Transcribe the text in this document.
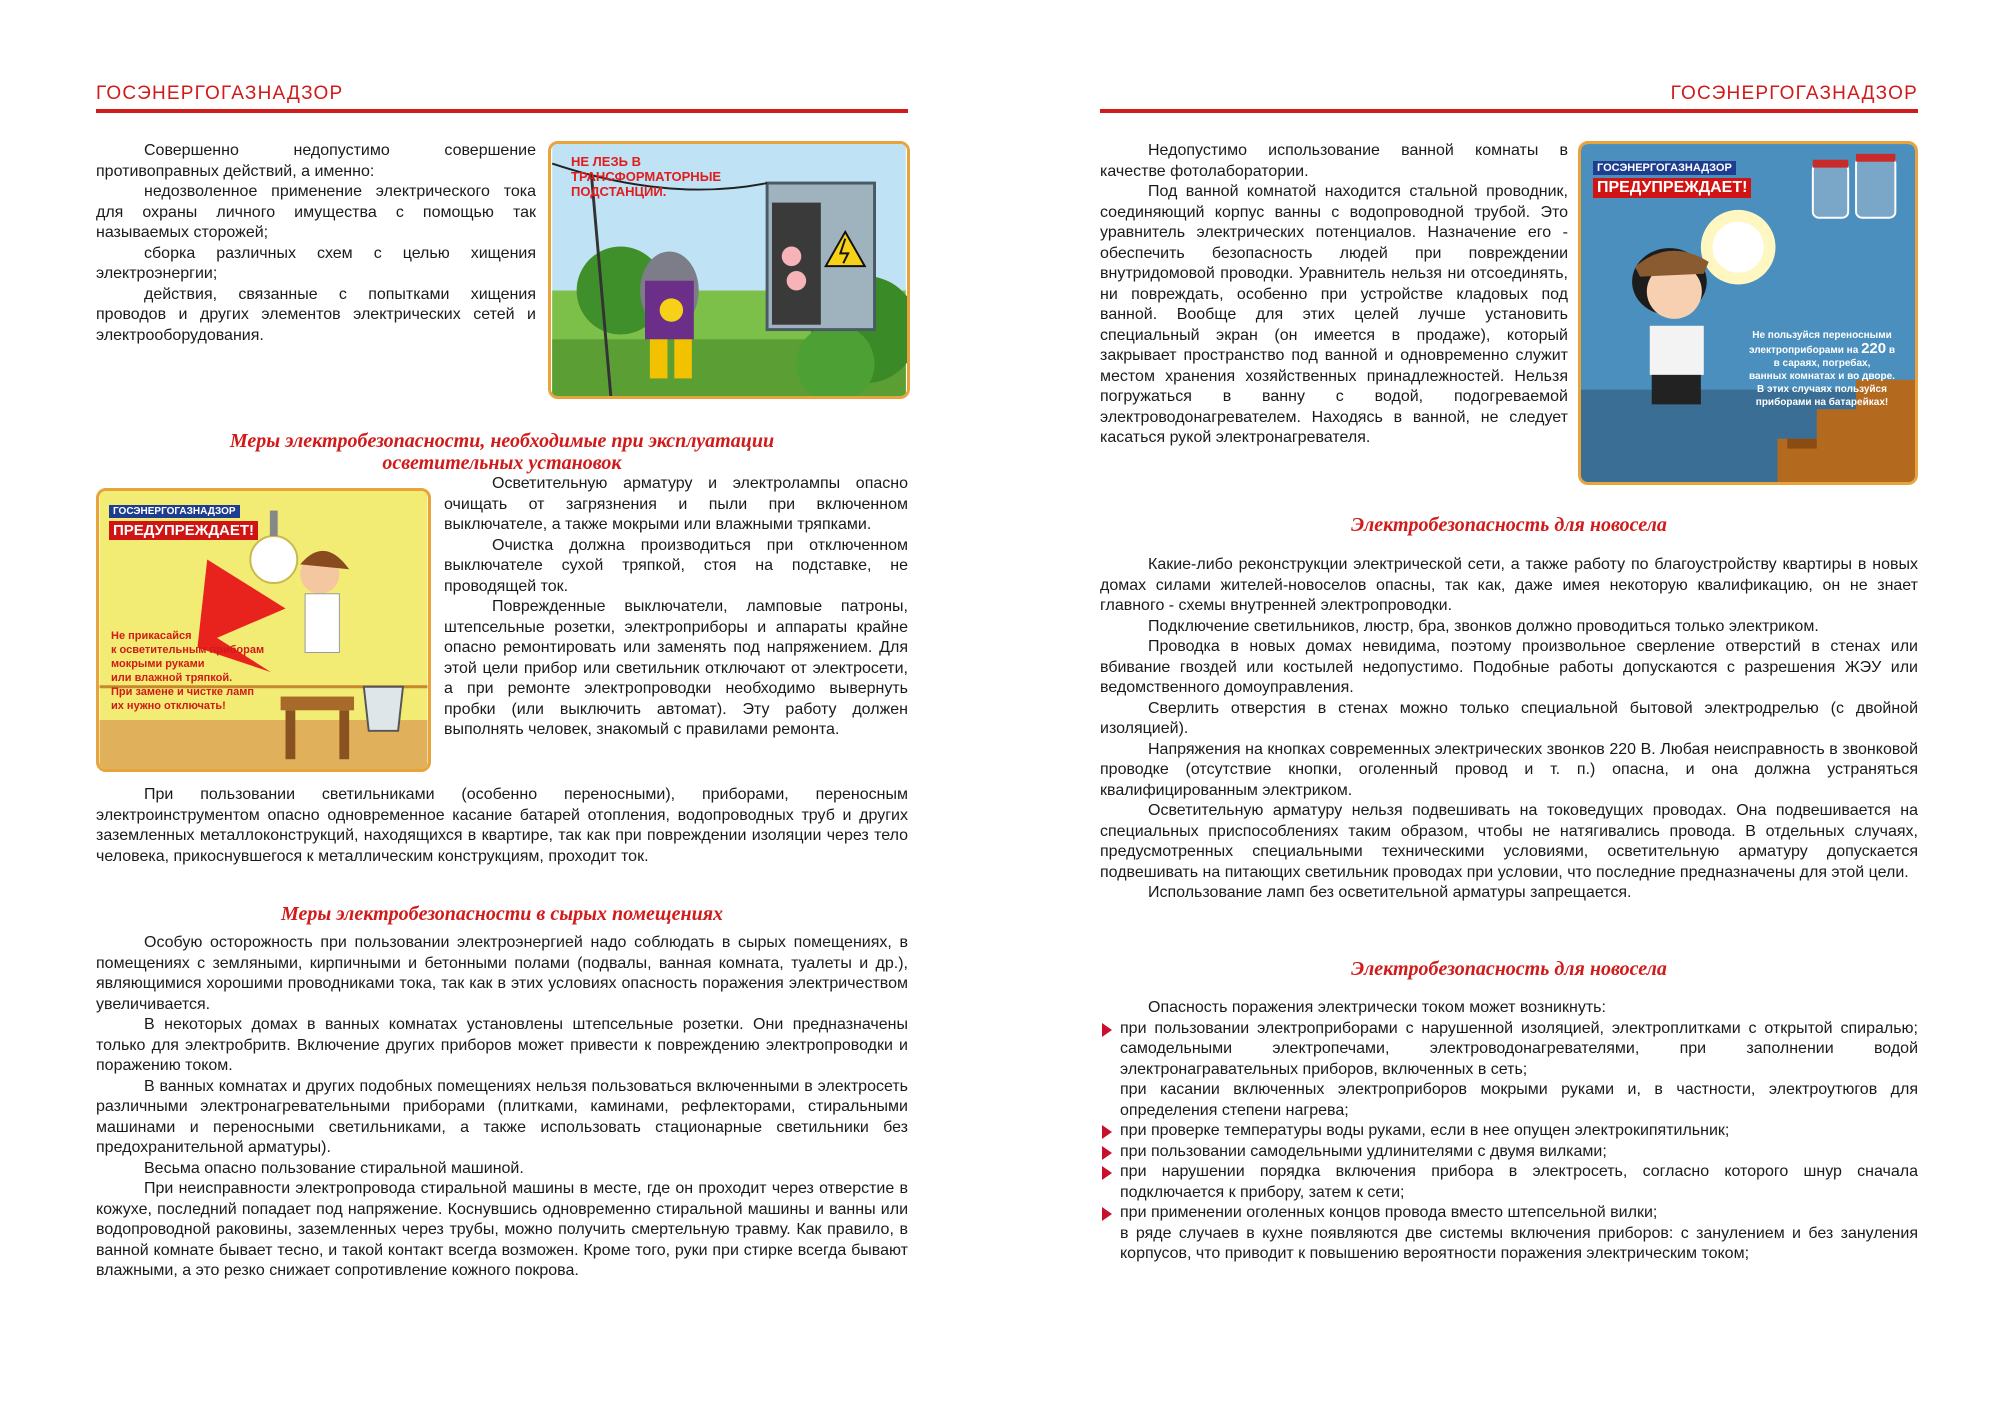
ГОСЭНЕРГОГАЗНАДЗОР

Совершенно недопустимо совершение противоправных действий, а именно:

недозволенное применение электрического тока для охраны личного имущества с помощью так называемых сторожей;

сборка различных схем с целью хищения электроэнергии;

действия, связанные с попытками хищения проводов и других элементов электрических сетей и электрооборудования.

НЕ ЛЕЗЬ В ТРАНСФОРМАТОРНЫЕ ПОДСТАНЦИИ.
Меры электробезопасности, необходимые при эксплуатации
осветительных установок
ГОСЭНЕРГОГАЗНАДЗОР
ПРЕДУПРЕЖДАЕТ!
Не прикасайся
к осветительным приборам
мокрыми руками
или влажной тряпкой.
При замене и чистке ламп
их нужно отключать!

Осветительную арматуру и электролампы опасно очищать от загрязнения и пыли при включенном выключателе, а также мокрыми или влажными тряпками.

Очистка должна производиться при отключенном выключателе сухой тряпкой, стоя на подставке, не проводящей ток.

Поврежденные выключатели, ламповые патроны, штепсельные розетки, электроприборы и аппараты крайне опасно ремонтировать или заменять под напряжением. Для этой цели прибор или светильник отключают от электросети, а при ремонте электропроводки необходимо вывернуть пробки (или выключить автомат). Эту работу должен выполнять человек, знакомый с правилами ремонта.

При пользовании светильниками (особенно переносными), приборами, переносным электроинструментом опасно одновременное касание батарей отопления, водопроводных труб и других заземленных металлоконструкций, находящихся в квартире, так как при повреждении изоляции через тело человека, прикоснувшегося к металлическим конструкциям, проходит ток.

Меры электробезопасности в сырых помещениях

Особую осторожность при пользовании электроэнергией надо соблюдать в сырых помещениях, в помещениях с земляными, кирпичными и бетонными полами (подвалы, ванная комната, туалеты и др.), являющимися хорошими проводниками тока, так как в этих условиях опасность поражения электричеством увеличивается.

В некоторых домах в ванных комнатах установлены штепсельные розетки. Они предназначены только для электробритв. Включение других приборов может привести к повреждению электропроводки и поражению током.

В ванных комнатах и других подобных помещениях нельзя пользоваться включенными в электросеть различными электронагревательными приборами (плитками, каминами, рефлекторами, стиральными машинами и переносными светильниками, а также использовать стационарные светильники без предохранительной арматуры).

Весьма опасно пользование стиральной машиной.

При неисправности электропровода стиральной машины в месте, где он проходит через отверстие в кожухе, последний попадает под напряжение. Коснувшись одновременно стиральной машины и ванны или водопроводной раковины, заземленных через трубы, можно получить смертельную травму. Как правило, в ванной комнате бывает тесно, и такой контакт всегда возможен. Кроме того, руки при стирке всегда бывают влажными, а это резко снижает сопротивление кожного покрова.

ГОСЭНЕРГОГАЗНАДЗОР

Недопустимо использование ванной комнаты в качестве фотолаборатории.

Под ванной комнатой находится стальной проводник, соединяющий корпус ванны с водопроводной трубой. Это уравнитель электрических потенциалов. Назначение его - обеспечить безопасность людей при повреждении внутридомовой проводки. Уравнитель нельзя ни отсоединять, ни повреждать, особенно при устройстве кладовых под ванной. Вообще для этих целей лучше установить специальный экран (он имеется в продаже), который закрывает пространство под ванной и одновременно служит местом хранения хозяйственных принадлежностей. Нельзя погружаться в ванну с водой, подогреваемой электроводонагревателем. Находясь в ванной, не следует касаться рукой электронагревателя.

ГОСЭНЕРГОГАЗНАДЗОР
ПРЕДУПРЕЖДАЕТ!
Не пользуйся переносными
электроприборами на 220 в
в сараях, погребах,
ванных комнатах и во дворе.
В этих случаях пользуйся
приборами на батарейках!
Электробезопасность для новосела

Какие-либо реконструкции электрической сети, а также работу по благоустройству квартиры в новых домах силами жителей-новоселов опасны, так как, даже имея некоторую квалификацию, он не знает главного - схемы внутренней электропроводки.

Подключение светильников, люстр, бра, звонков должно проводиться только электриком.

Проводка в новых домах невидима, поэтому произвольное сверление отверстий в стенах или вбивание гвоздей или костылей недопустимо. Подобные работы допускаются с разрешения ЖЭУ или ведомственного домоуправления.

Сверлить отверстия в стенах можно только специальной бытовой электродрелью (с двойной изоляцией).

Напряжения на кнопках современных электрических звонков 220 В. Любая неисправность в звонковой проводке (отсутствие кнопки, оголенный провод и т. п.) опасна, и она должна устраняться квалифицированным электриком.

Осветительную арматуру нельзя подвешивать на токоведущих проводах. Она подвешивается на специальных приспособлениях таким образом, чтобы не натягивались провода. В отдельных случаях, предусмотренных специальными техническими условиями, осветительную арматуру допускается подвешивать на питающих светильник проводах при условии, что последние предназначены для этой цели.

Использование ламп без осветительной арматуры запрещается.

Электробезопасность для новосела

Опасность поражения электрически током может возникнуть:

при пользовании электроприборами с нарушенной изоляцией, электроплитками с открытой спиралью; самодельными электропечами, электроводонагревателями, при заполнении водой электронагравательных приборов, включенных в сеть;
при касании включенных электроприборов мокрыми руками и, в частности, электроутюгов для определения степени нагрева;
при проверке температуры воды руками, если в нее опущен электрокипятильник;
при пользовании самодельными удлинителями с двумя вилками;
при нарушении порядка включения прибора в электросеть, согласно которого шнур сначала подключается к прибору, затем к сети;
при применении оголенных концов провода вместо штепсельной вилки;
в ряде случаев в кухне появляются две системы включения приборов: с занулением и без зануления корпусов, что приводит к повышению вероятности поражения электрическим током;
